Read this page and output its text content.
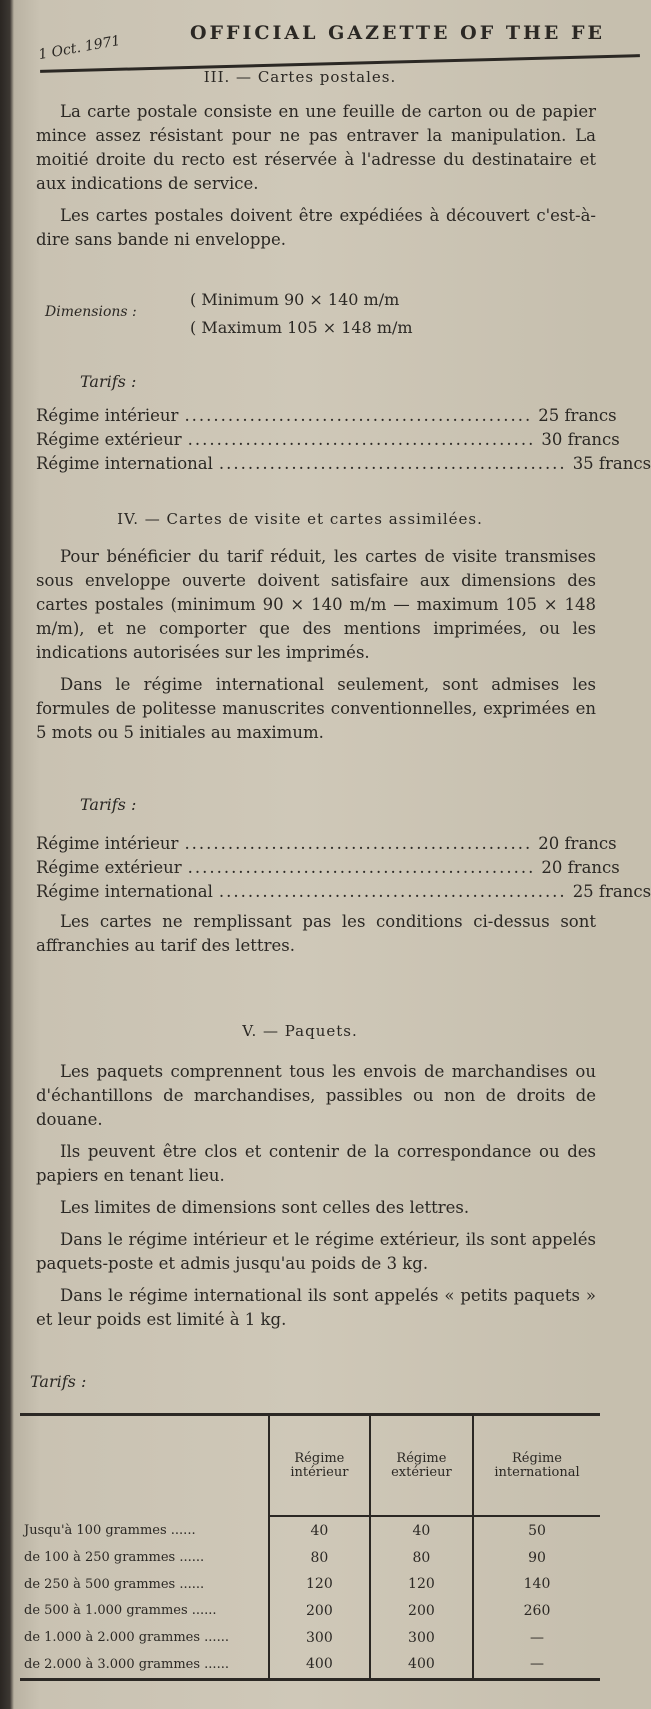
1 Oct. 1971	OFFICIAL GAZETTE OF THE FE
III. — Cartes postales.

La carte postale consiste en une feuille de carton ou de papier mince assez résistant pour ne pas entraver la manipulation. La moitié droite du recto est réservée à l'adresse du destinataire et aux indications de service.

Les cartes postales doivent être expédiées à découvert c'est-à-dire sans bande ni enveloppe.

Dimensions :
( Minimum 90 × 140 m/m
( Maximum 105 × 148 m/m
Tarifs :
Régime intérieur ................................................ 25 francs
Régime extérieur ................................................ 30 francs
Régime international ................................................ 35 francs
IV. — Cartes de visite et cartes assimilées.

Pour bénéficier du tarif réduit, les cartes de visite transmises sous enveloppe ouverte doivent satisfaire aux dimensions des cartes postales (minimum 90 × 140 m/m — maximum 105 × 148 m/m), et ne comporter que des mentions imprimées, ou les indications autorisées sur les imprimés.

Dans le régime international seulement, sont admises les formules de politesse manuscrites conventionnelles, exprimées en 5 mots ou 5 initiales au maximum.

Tarifs :
Régime intérieur ................................................ 20 francs
Régime extérieur ................................................ 20 francs
Régime international ................................................ 25 francs

Les cartes ne remplissant pas les conditions ci-dessus sont affranchies au tarif des lettres.

V. — Paquets.

Les paquets comprennent tous les envois de marchandises ou d'échantillons de marchandises, passibles ou non de droits de douane.

Ils peuvent être clos et contenir de la correspondance ou des papiers en tenant lieu.

Les limites de dimensions sont celles des lettres.

Dans le régime intérieur et le régime extérieur, ils sont appelés paquets-poste et admis jusqu'au poids de 3 kg.

Dans le régime international ils sont appelés « petits paquets » et leur poids est limité à 1 kg.

Tarifs :
	Régime intérieur	Régime extérieur	Régime international
Jusqu'à 100 grammes ......	40	40	50
de 100 à 250 grammes ......	80	80	90
de 250 à 500 grammes ......	120	120	140
de 500 à 1.000 grammes ......	200	200	260
de 1.000 à 2.000 grammes ......	300	300	—
de 2.000 à 3.000 grammes ......	400	400	—
